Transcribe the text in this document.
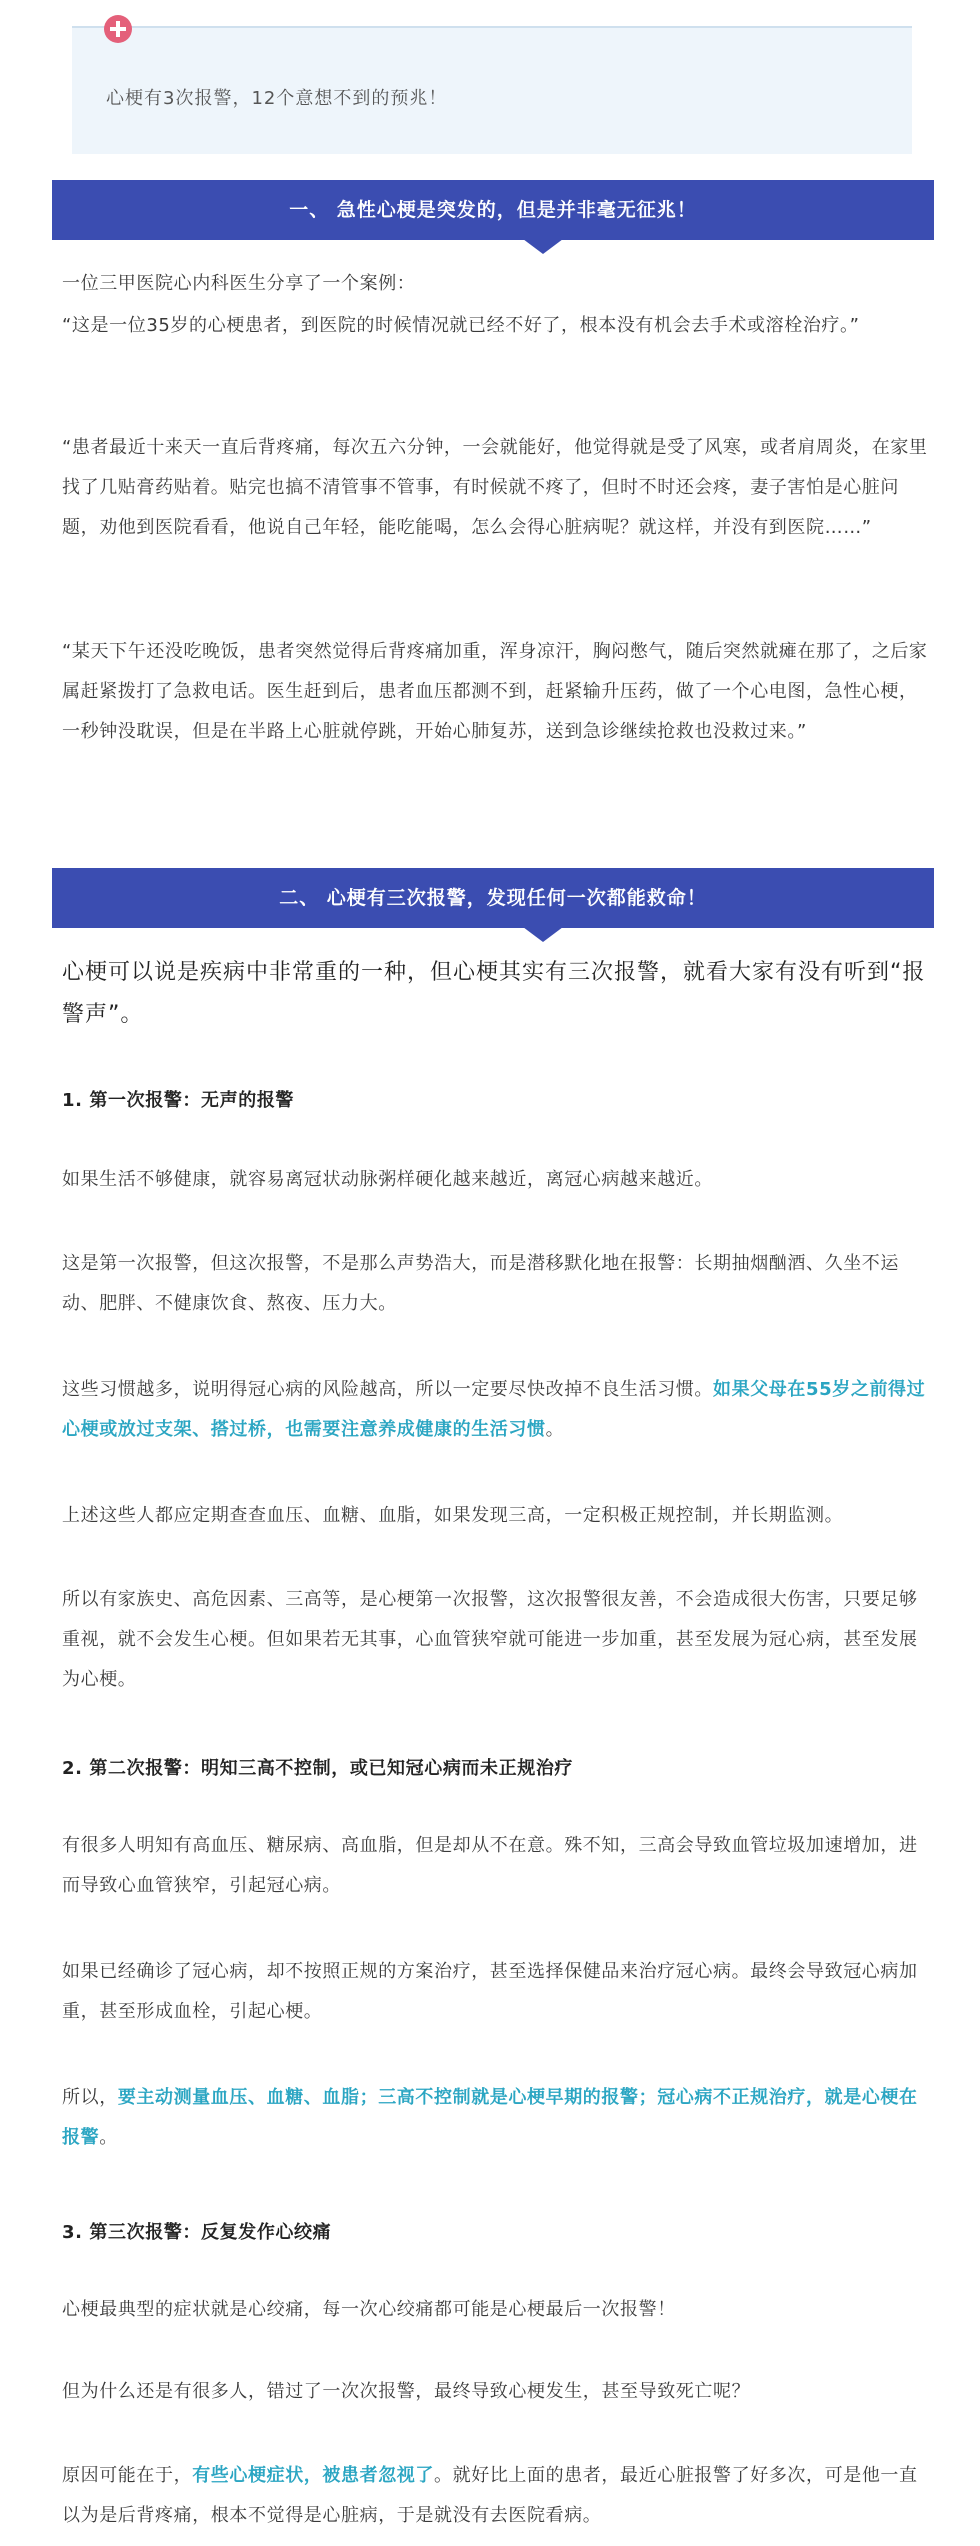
心梗有3次报警，12个意想不到的预兆！

一、 急性心梗是突发的，但是并非毫无征兆！

一位三甲医院心内科医生分享了一个案例：

“这是一位35岁的心梗患者，到医院的时候情况就已经不好了，根本没有机会去手术或溶栓治疗。”

“患者最近十来天一直后背疼痛，每次五六分钟，一会就能好，他觉得就是受了风寒，或者肩周炎，在家里找了几贴膏药贴着。贴完也搞不清管事不管事，有时候就不疼了，但时不时还会疼，妻子害怕是心脏问题，劝他到医院看看，他说自己年轻，能吃能喝，怎么会得心脏病呢？就这样，并没有到医院……”

“某天下午还没吃晚饭，患者突然觉得后背疼痛加重，浑身凉汗，胸闷憋气，随后突然就瘫在那了，之后家属赶紧拨打了急救电话。医生赶到后，患者血压都测不到，赶紧输升压药，做了一个心电图，急性心梗，一秒钟没耽误，但是在半路上心脏就停跳，开始心肺复苏，送到急诊继续抢救也没救过来。”

二、 心梗有三次报警，发现任何一次都能救命！

心梗可以说是疾病中非常重的一种，但心梗其实有三次报警，就看大家有没有听到“报警声”。

1. 第一次报警：无声的报警

如果生活不够健康，就容易离冠状动脉粥样硬化越来越近，离冠心病越来越近。

这是第一次报警，但这次报警，不是那么声势浩大，而是潜移默化地在报警：长期抽烟酗酒、久坐不运动、肥胖、不健康饮食、熬夜、压力大。

这些习惯越多，说明得冠心病的风险越高，所以一定要尽快改掉不良生活习惯。如果父母在55岁之前得过心梗或放过支架、搭过桥，也需要注意养成健康的生活习惯。

上述这些人都应定期查查血压、血糖、血脂，如果发现三高，一定积极正规控制，并长期监测。

所以有家族史、高危因素、三高等，是心梗第一次报警，这次报警很友善，不会造成很大伤害，只要足够重视，就不会发生心梗。但如果若无其事，心血管狭窄就可能进一步加重，甚至发展为冠心病，甚至发展为心梗。

2. 第二次报警：明知三高不控制，或已知冠心病而未正规治疗

有很多人明知有高血压、糖尿病、高血脂，但是却从不在意。殊不知，三高会导致血管垃圾加速增加，进而导致心血管狭窄，引起冠心病。

如果已经确诊了冠心病，却不按照正规的方案治疗，甚至选择保健品来治疗冠心病。最终会导致冠心病加重，甚至形成血栓，引起心梗。

所以，要主动测量血压、血糖、血脂；三高不控制就是心梗早期的报警；冠心病不正规治疗，就是心梗在报警。

3. 第三次报警：反复发作心绞痛

心梗最典型的症状就是心绞痛，每一次心绞痛都可能是心梗最后一次报警！

但为什么还是有很多人，错过了一次次报警，最终导致心梗发生，甚至导致死亡呢？

原因可能在于，有些心梗症状，被患者忽视了。就好比上面的患者，最近心脏报警了好多次，可是他一直以为是后背疼痛，根本不觉得是心脏病，于是就没有去医院看病。
